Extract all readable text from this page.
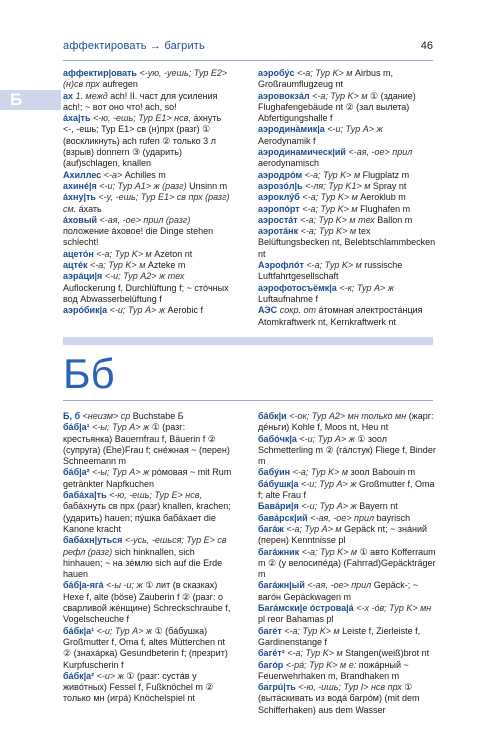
аффектировать → багрить	46
Б
аффектир|овать <-ую, -уешь; Тур E2> (н)св прх aufregen
ах 1. межд ach! II. част для усиления ach!; ~ вот оно что! ach, so!
áха|ть <-ю, -ешь; Тур E1> нсв, áхнуть <-, -ешь; Тур E1> св (н)прх (разг) ① (воскликнуть) ach rufen ② только 3 л (взрыв) donnern ③ (ударить) (auf)schlagen, knallen
Ахиллес <-а> Achilles m
ахинé|я <-и; Тур A1> ж (разг) Unsinn m
áхну|ть <-у, -ешь; Тур E1> св прх (разг) см. áхать
áховый <-ая, -ое> прил (разг) положение áховое! die Dinge stehen schlecht!
ацетóн <-а; Тур K> м Azeton nt
ацтéк <-а; Тур K> м Azteke m
аэрáци|я <-и; Тур A2> ж тех Auflockerung f, Durchlüftung f; ~ стóчных вод Abwasserbelüftung f
аэрóбик|а <-и; Тур A> ж Aerobic f
аэробýс <-а; Тур K> м Airbus m, Großraumflugzeug nt
аэровокзáл <-а; Тур K> м ① (здание) Flughafengebäude nt ② (зал вылета) Abfertigungshalle f
аэродинáмик|а <-и; Тур A> ж Aerodynamik f
аэродинамическ|ий <-ая, -ое> прил aerodynamisch
аэродрóм <-а; Тур K> м Flugplatz m
аэрозóл|ь <-ля; Тур K1> м Spray nt
аэроклýб <-а; Тур K> м Aeroklub m
аэропóрт <-а; Тур K> м Flughafen m
аэростáт <-а; Тур K> м тех Ballon m
аэротáнк <-а; Тур K> м tex Belüftungsbecken nt, Belebtschlammbecken nt
Аэрофлóт <-а; Тур K> м russische Luftfahrtgesellschaft
аэрофотосъёмк|а <-к; Тур A> ж Luftaufnahme f
АЭС сокр. от áтомная электростáнция Atomkraftwerk nt, Kernkraftwerk nt
Бб
Б, б <неизм> ср Buchstabe Б
бáб|а¹ <-ы; Тур A> ж ① (разг: крестьянка) Bauernfrau f, Bäuerin f ② (супруга) (Ehe)Frau f; снéжная ~ (перен) Schneemann m
бáб|а² <-ы; Тур A> ж рóмовая ~ mit Rum getränkter Napfkuchen
бабáха|ть <-ю, -ешь; Тур E> нсв, бабáхнуть св прх (разг) knallen, krachen; (ударить) hauen; пýшка бабáхает die Kanone kracht
бабáхн|уться <-усь, -ешься; Тур E> св рефл (разг) sich hinknallen, sich hinhauen; ~ на зéмлю sich auf die Erde hauen
бáб|а-ягá <-ы -и; ж ① лит (в сказках) Hexe f, alte (böse) Zauberin f ② (разг: о сварливой жéнщине) Schreckschraube f, Vogelscheuche f
бáбк|а¹ <-и; Тур A> ж ① (бáбушка) Großmutter f, Oma f, altes Mütterchen nt ② (знахáрка) Gesundbeterin f; (презрит) Kurpfuscherin f
бáбк|а² <-и> ж ① (разг: сустáв у живóтных) Fessel f, Fußknöchel m ② только мн (игрá) Knöchelspiel nt
бáбк|и <-ок; Тур A2> мн только мн (жарг: дéньги) Kohle f, Moos nt, Heu nt
бабóчк|а <-и; Тур A> ж ① зоол Schmetterling m ② (гáлстук) Fliege f, Binder m
бабýин <-а; Тур K> м зоол Babouin m
бáбушк|а <-и; Тур A> ж Großmutter f, Oma f; alte Frau f
Бавáри|я <-и; Тур A> ж Bayern nt
бавáрск|ий <-ая, -ое> прил bayrisch
багáж <-а; Тур A> м Gepäck nt; ~ знáний (перен) Kenntnisse pl
багáжник <-а; Тур K> м ① авто Kofferraum m ② (у велосипéда) (Fahrrad)Gepäckträger m
багáжн|ый <-ая, -ое> прил Gepäck-; ~ вагóн Gepäckwagen m
Багáмски|е óстрова|á <-х -óв; Тур K> мн pl reor Bahamas pl
багéт <-а; Тур K> м Leiste f, Zierleiste f, Gardinenstange f
багéт² <-а; Тур K> м Stangen(weiß)brot nt
багóр <-рá; Тур K> м е: пожáрный ~ Feuerwehrhaken m, Brandhaken m
багрú|ть <-ю, -ишь; Тур I> нсв прх ① (вытáскивать из водá багрóм) (mit dem Schifferhaken) aus dem Wasser
